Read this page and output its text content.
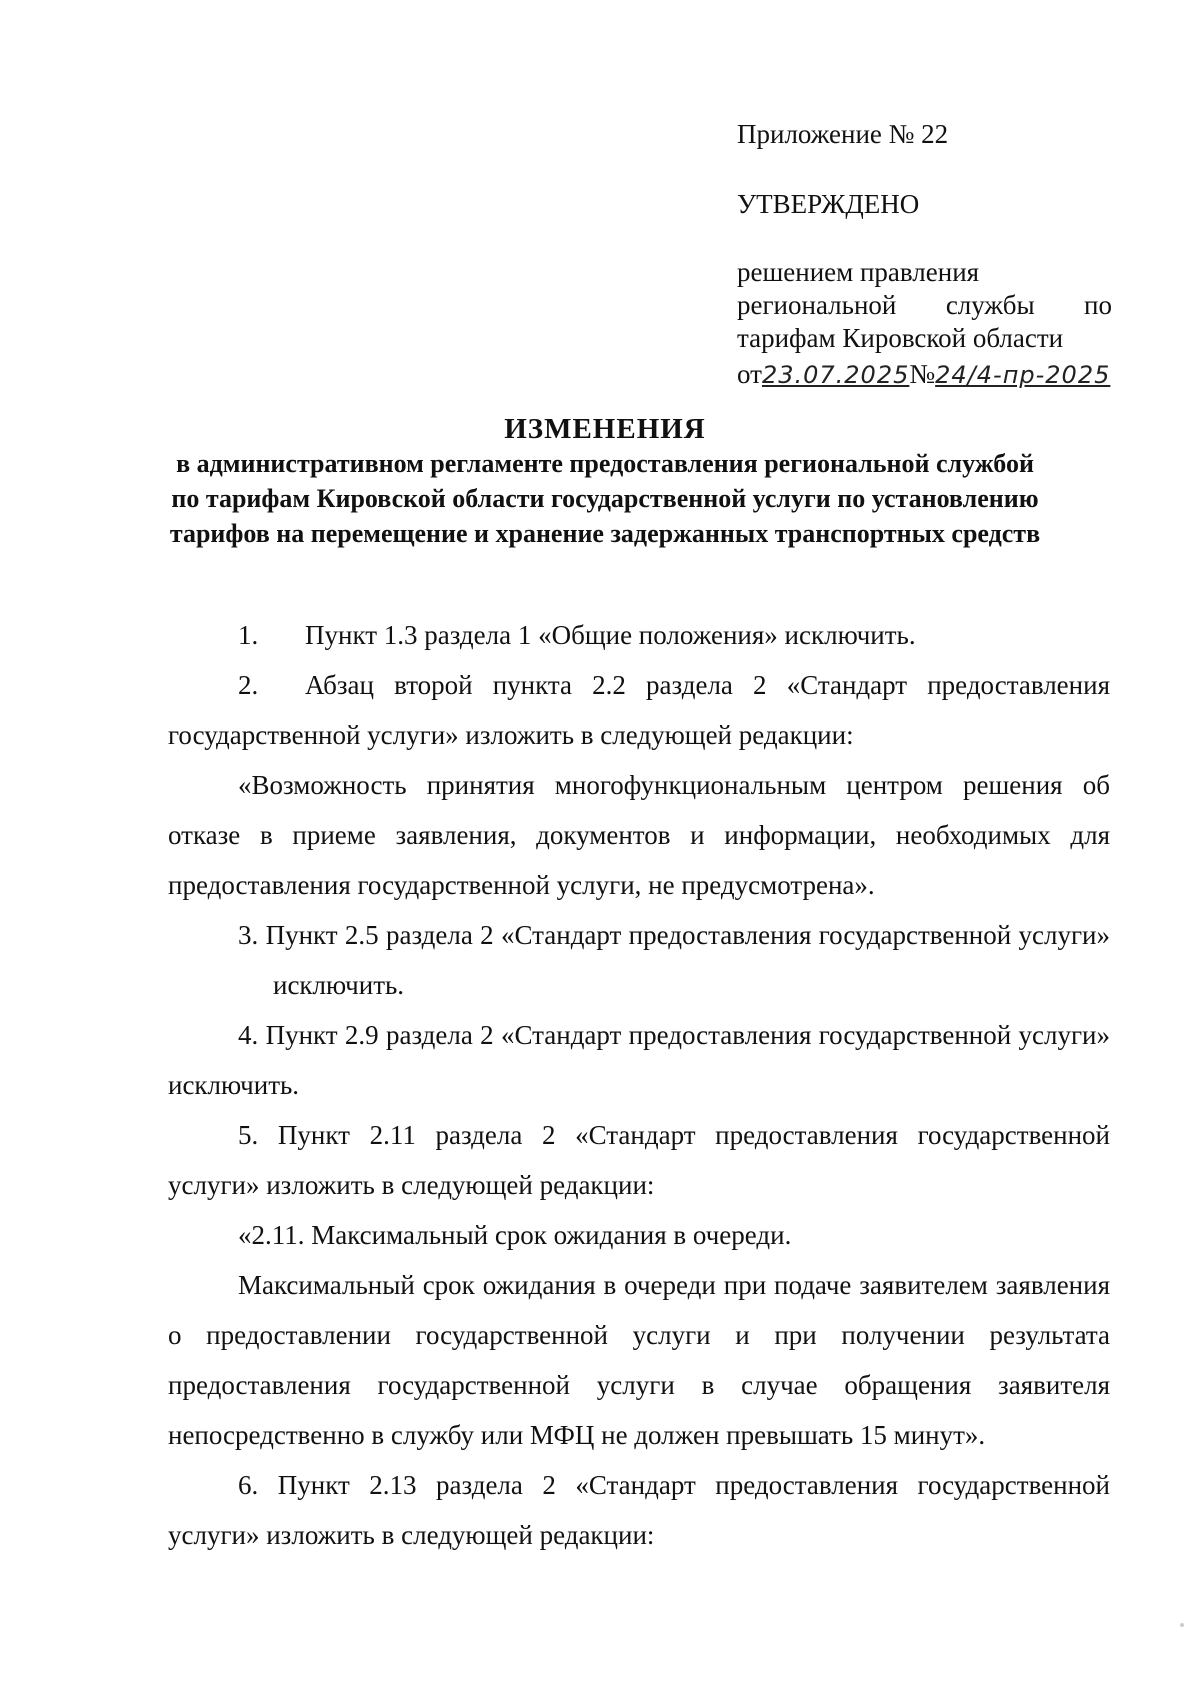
Приложение № 22
УТВЕРЖДЕНО
решением правления
региональной службы по
тарифам Кировской области
от23.07.2025№24/4-пр-2025
ИЗМЕНЕНИЯ
в административном регламенте предоставления региональной службой по тарифам Кировской области государственной услуги по установлению тарифов на перемещение и хранение задержанных транспортных средств

1. Пункт 1.3 раздела 1 «Общие положения» исключить.

2. Абзац второй пункта 2.2 раздела 2 «Стандарт предоставления государственной услуги» изложить в следующей редакции:

«Возможность принятия многофункциональным центром решения об отказе в приеме заявления, документов и информации, необходимых для предоставления государственной услуги, не предусмотрена».

3. Пункт 2.5 раздела 2 «Стандарт предоставления государственной услуги» исключить.

4. Пункт 2.9 раздела 2 «Стандарт предоставления государственной услуги» исключить.

5. Пункт 2.11 раздела 2 «Стандарт предоставления государственной услуги» изложить в следующей редакции:

«2.11. Максимальный срок ожидания в очереди.

Максимальный срок ожидания в очереди при подаче заявителем заявления о предоставлении государственной услуги и при получении результата предоставления государственной услуги в случае обращения заявителя непосредственно в службу или МФЦ не должен превышать 15 минут».

6. Пункт 2.13 раздела 2 «Стандарт предоставления государственной услуги» изложить в следующей редакции:
